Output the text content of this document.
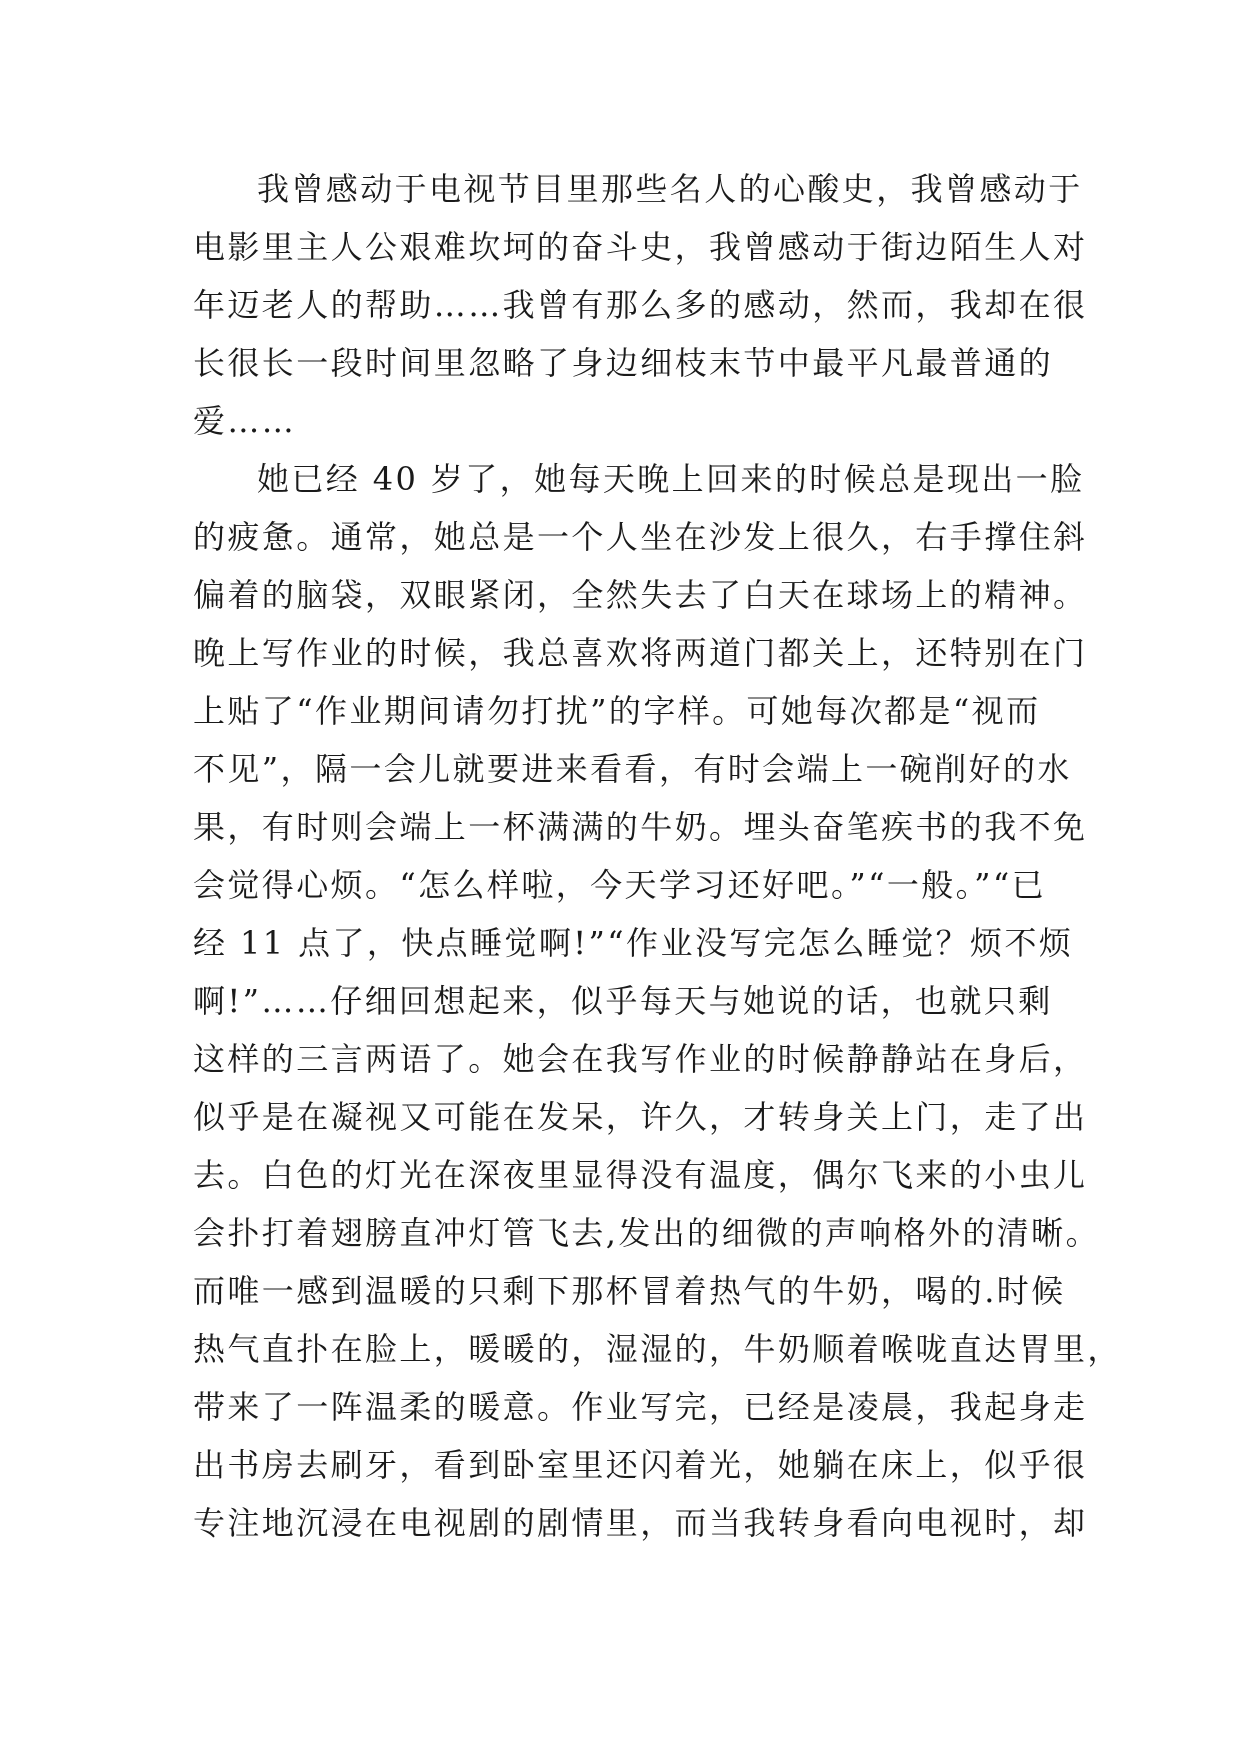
我曾感动于电视节目里那些名人的心酸史，我曾感动于
电影里主人公艰难坎坷的奋斗史，我曾感动于街边陌生人对
年迈老人的帮助……我曾有那么多的感动，然而，我却在很
长很长一段时间里忽略了身边细枝末节中最平凡最普通的
爱……
她已经 40 岁了，她每天晚上回来的时候总是现出一脸
的疲惫。通常，她总是一个人坐在沙发上很久，右手撑住斜
偏着的脑袋，双眼紧闭，全然失去了白天在球场上的精神。
晚上写作业的时候，我总喜欢将两道门都关上，还特别在门
上贴了“作业期间请勿打扰”的字样。可她每次都是“视而
不见”，隔一会儿就要进来看看，有时会端上一碗削好的水
果，有时则会端上一杯满满的牛奶。埋头奋笔疾书的我不免
会觉得心烦。“怎么样啦，今天学习还好吧。”“一般。”“已
经 11 点了，快点睡觉啊!”“作业没写完怎么睡觉？烦不烦
啊!”……仔细回想起来，似乎每天与她说的话，也就只剩
这样的三言两语了。她会在我写作业的时候静静站在身后，
似乎是在凝视又可能在发呆，许久，才转身关上门，走了出
去。白色的灯光在深夜里显得没有温度，偶尔飞来的小虫儿
会扑打着翅膀直冲灯管飞去,发出的细微的声响格外的清晰。
而唯一感到温暖的只剩下那杯冒着热气的牛奶，喝的.时候
热气直扑在脸上，暖暖的，湿湿的，牛奶顺着喉咙直达胃里，
带来了一阵温柔的暖意。作业写完，已经是凌晨，我起身走
出书房去刷牙，看到卧室里还闪着光，她躺在床上，似乎很
专注地沉浸在电视剧的剧情里，而当我转身看向电视时，却
